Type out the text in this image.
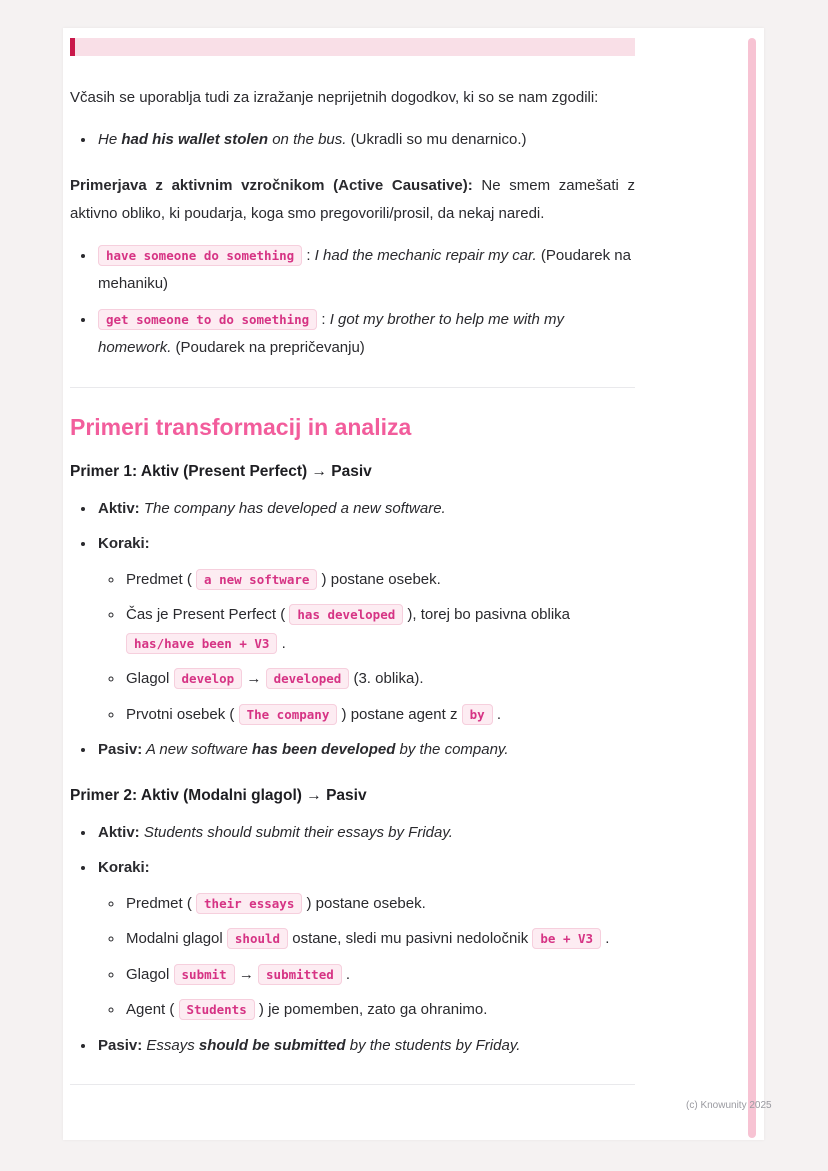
Včasih se uporablja tudi za izražanje neprijetnih dogodkov, ki so se nam zgodili:

• He had his wallet stolen on the bus. (Ukradli so mu denarnico.)

Primerjava z aktivnim vzročnikom (Active Causative): Ne smem zamešati z aktivno obliko, ki poudarja, koga smo pregovorili/prosil, da nekaj naredi.

• have someone do something : I had the mechanic repair my car. (Poudarek na mehaniku)
• get someone to do something : I got my brother to help me with my homework. (Poudarek na prepričevanju)
Primeri transformacij in analiza
Primer 1: Aktiv (Present Perfect) → Pasiv
• Aktiv: The company has developed a new software.
• Koraki:
◦ Predmet ( a new software ) postane osebek.
◦ Čas je Present Perfect ( has developed ), torej bo pasivna oblika has/have been + V3 .
◦ Glagol develop → developed (3. oblika).
◦ Prvotni osebek ( The company ) postane agent z by .
• Pasiv: A new software has been developed by the company.
Primer 2: Aktiv (Modalni glagol) → Pasiv
• Aktiv: Students should submit their essays by Friday.
• Koraki:
◦ Predmet ( their essays ) postane osebek.
◦ Modalni glagol should ostane, sledi mu pasivni nedoločnik be + V3 .
◦ Glagol submit → submitted .
◦ Agent ( Students ) je pomemben, zato ga ohranimo.
• Pasiv: Essays should be submitted by the students by Friday.
(c) Knowunity 2025
